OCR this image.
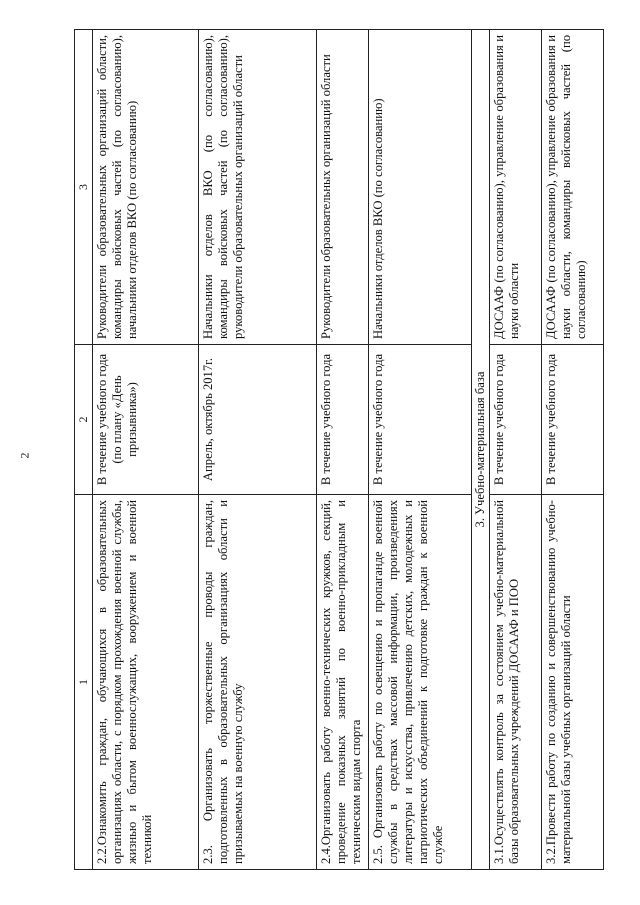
2
1	2	3
2.2.Ознакомить граждан, обучающихся в образовательных организациях области, с порядком прохождения военной службы, жизнью и бытом военнослужащих, вооружением и военной техникой	В течение учебного года (по плану «День призывника»)	Руководители образовательных организаций области, командиры войсковых частей (по согласованию), начальники отделов ВКО (по согласованию)
2.3. Организовать торжественные проводы граждан, подготовленных в образовательных организациях области и призываемых на военную службу	Апрель, октябрь 2017г.	Начальники отделов ВКО (по согласованию), командиры войсковых частей (по согласованию), руководители образовательных организаций области
2.4.Организовать работу военно-технических кружков, секций, проведение показных занятий по военно-прикладным и техническим видам спорта	В течение учебного года	Руководители образовательных организаций области
2.5. Организовать работу по освещению и пропаганде военной службы в средствах массовой информации, произведениях литературы и искусства, привлечению детских, молодежных и патриотических объединений к подготовке граждан к военной службе	В течение учебного года	Начальники отделов ВКО (по согласованию)
3. Учебно-материальная база		
3.1.Осуществлять контроль за состоянием учебно-материальной базы образовательных учреждений ДОСААФ и ПОО	В течение учебного года	ДОСААФ (по согласованию), управление образования и науки области
3.2.Провести работу по созданию и совершенствованию учебно-материальной базы учебных организаций области	В течение учебного года	ДОСААФ (по согласованию), управление образования и науки области, командиры войсковых частей (по согласованию)
